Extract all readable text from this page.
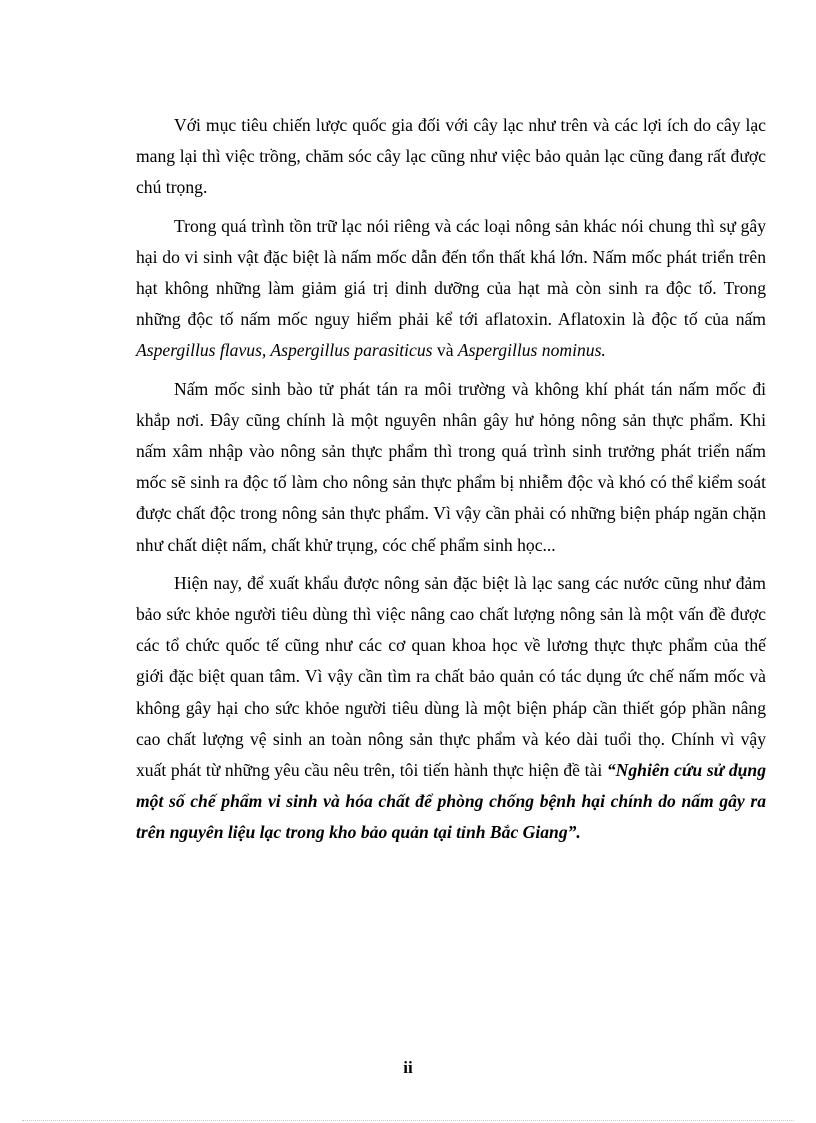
Với mục tiêu chiến lược quốc gia đối với cây lạc như trên và các lợi ích do cây lạc mang lại thì việc trồng, chăm sóc cây lạc cũng như việc bảo quản lạc cũng đang rất được chú trọng.

Trong quá trình tồn trữ lạc nói riêng và các loại nông sản khác nói chung thì sự gây hại do vi sinh vật đặc biệt là nấm mốc dẫn đến tổn thất khá lớn. Nấm mốc phát triển trên hạt không những làm giảm giá trị dinh dưỡng của hạt mà còn sinh ra độc tố. Trong những độc tố nấm mốc nguy hiểm phải kể tới aflatoxin. Aflatoxin là độc tố của nấm Aspergillus flavus, Aspergillus parasiticus và Aspergillus nominus.

Nấm mốc sinh bào tử phát tán ra môi trường và không khí phát tán nấm mốc đi khắp nơi. Đây cũng chính là một nguyên nhân gây hư hỏng nông sản thực phẩm. Khi nấm xâm nhập vào nông sản thực phẩm thì trong quá trình sinh trưởng phát triển nấm mốc sẽ sinh ra độc tố làm cho nông sản thực phẩm bị nhiễm độc và khó có thể kiểm soát được chất độc trong nông sản thực phẩm. Vì vậy cần phải có những biện pháp ngăn chặn như chất diệt nấm, chất khử trụng, cóc chế phẩm sinh học...

Hiện nay, để xuất khẩu được nông sản đặc biệt là lạc sang các nước cũng như đảm bảo sức khỏe người tiêu dùng thì việc nâng cao chất lượng nông sản là một vấn đề được các tổ chức quốc tế cũng như các cơ quan khoa học về lương thực thực phẩm của thế giới đặc biệt quan tâm. Vì vậy cần tìm ra chất bảo quản có tác dụng ức chế nấm mốc và không gây hại cho sức khỏe người tiêu dùng là một biện pháp cần thiết góp phần nâng cao chất lượng vệ sinh an toàn nông sản thực phẩm và kéo dài tuổi thọ. Chính vì vậy xuất phát từ những yêu cầu nêu trên, tôi tiến hành thực hiện đề tài “Nghiên cứu sử dụng một số chế phẩm vi sinh và hóa chất để phòng chống bệnh hại chính do nấm gây ra trên nguyên liệu lạc trong kho bảo quản tại tỉnh Bắc Giang”.

ii
